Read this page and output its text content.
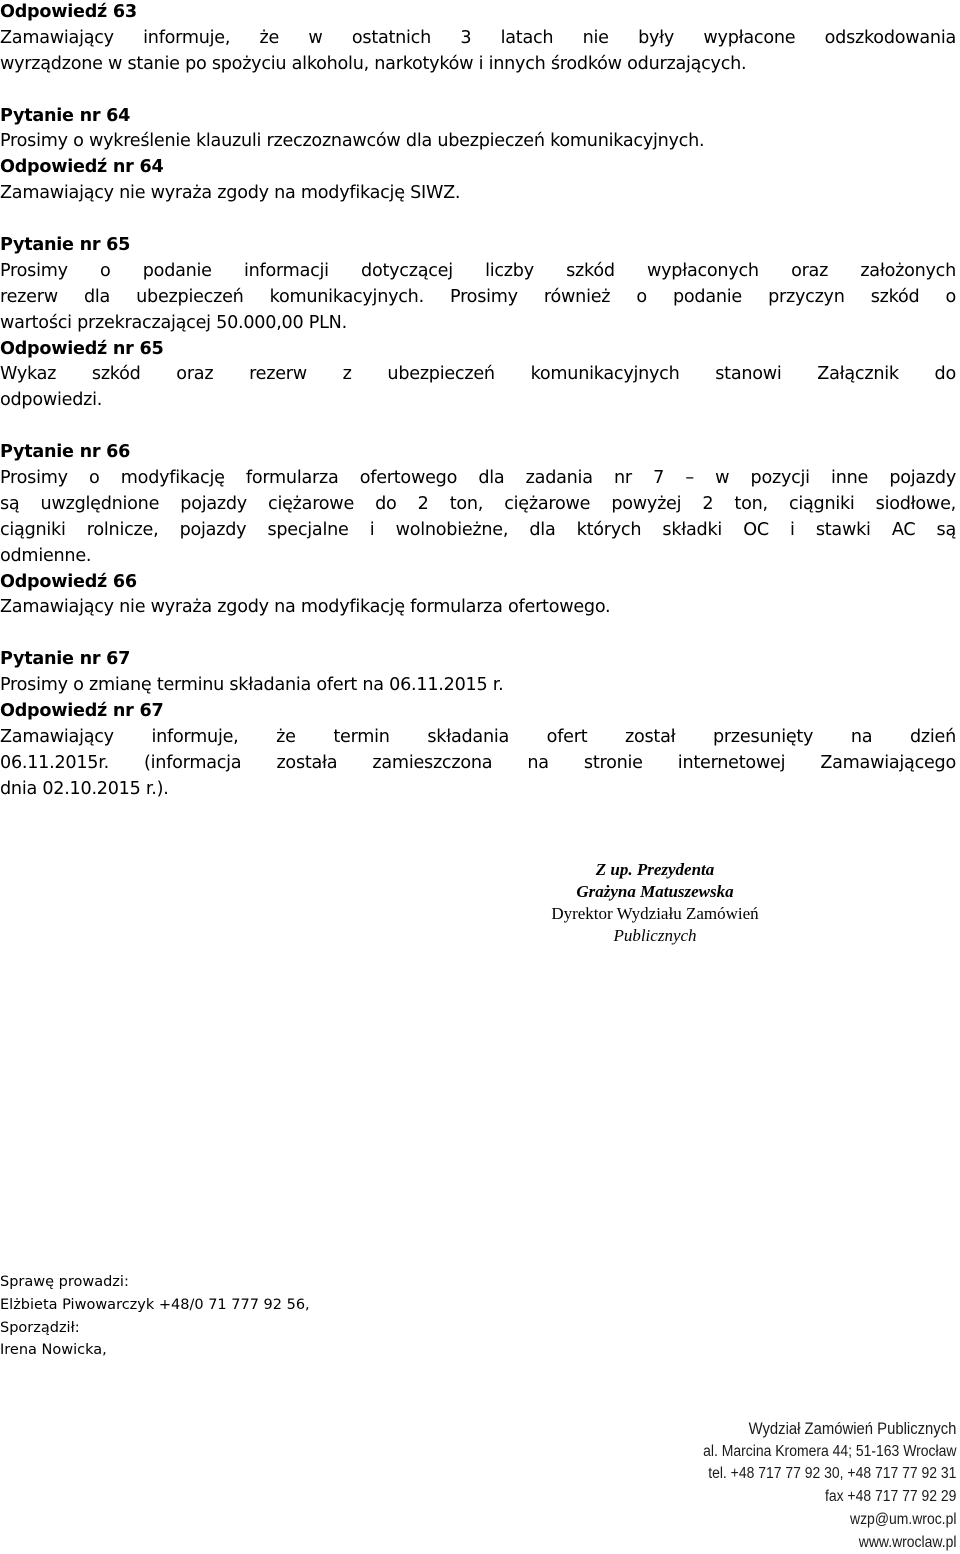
Odpowiedź 63
Zamawiający informuje, że w ostatnich 3 latach nie były wypłacone odszkodowania
wyrządzone w stanie po spożyciu alkoholu, narkotyków i innych środków odurzających.
Pytanie nr 64
Prosimy o wykreślenie klauzuli rzeczoznawców dla ubezpieczeń komunikacyjnych.
Odpowiedź nr 64
Zamawiający nie wyraża zgody na modyfikację SIWZ.
Pytanie nr 65
Prosimy o podanie informacji dotyczącej liczby szkód wypłaconych oraz założonych
rezerw dla ubezpieczeń komunikacyjnych. Prosimy również o podanie przyczyn szkód o
wartości przekraczającej 50.000,00 PLN.
Odpowiedź nr 65
Wykaz szkód oraz rezerw z ubezpieczeń komunikacyjnych stanowi Załącznik do
odpowiedzi.
Pytanie nr 66
Prosimy o modyfikację formularza ofertowego dla zadania nr 7 – w pozycji inne pojazdy
są uwzględnione pojazdy ciężarowe do 2 ton, ciężarowe powyżej 2 ton, ciągniki siodłowe,
ciągniki rolnicze, pojazdy specjalne i wolnobieżne, dla których składki OC i stawki AC są
odmienne.
Odpowiedź 66
Zamawiający nie wyraża zgody na modyfikację formularza ofertowego.
Pytanie nr 67
Prosimy o zmianę terminu składania ofert na 06.11.2015 r.
Odpowiedź nr 67
Zamawiający informuje, że termin składania ofert został przesunięty na dzień
06.11.2015r. (informacja została zamieszczona na stronie internetowej Zamawiającego
dnia 02.10.2015 r.).
Z up. Prezydenta
Grażyna Matuszewska
Dyrektor Wydziału Zamówień
Publicznych
Sprawę prowadzi:
Elżbieta Piwowarczyk +48/0 71 777 92 56,
Sporządził:
Irena Nowicka,
Wydział Zamówień Publicznych
al. Marcina Kromera 44; 51-163 Wrocław
tel. +48 717 77 92 30, +48 717 77 92 31
fax +48 717 77 92 29
wzp@um.wroc.pl
www.wroclaw.pl
